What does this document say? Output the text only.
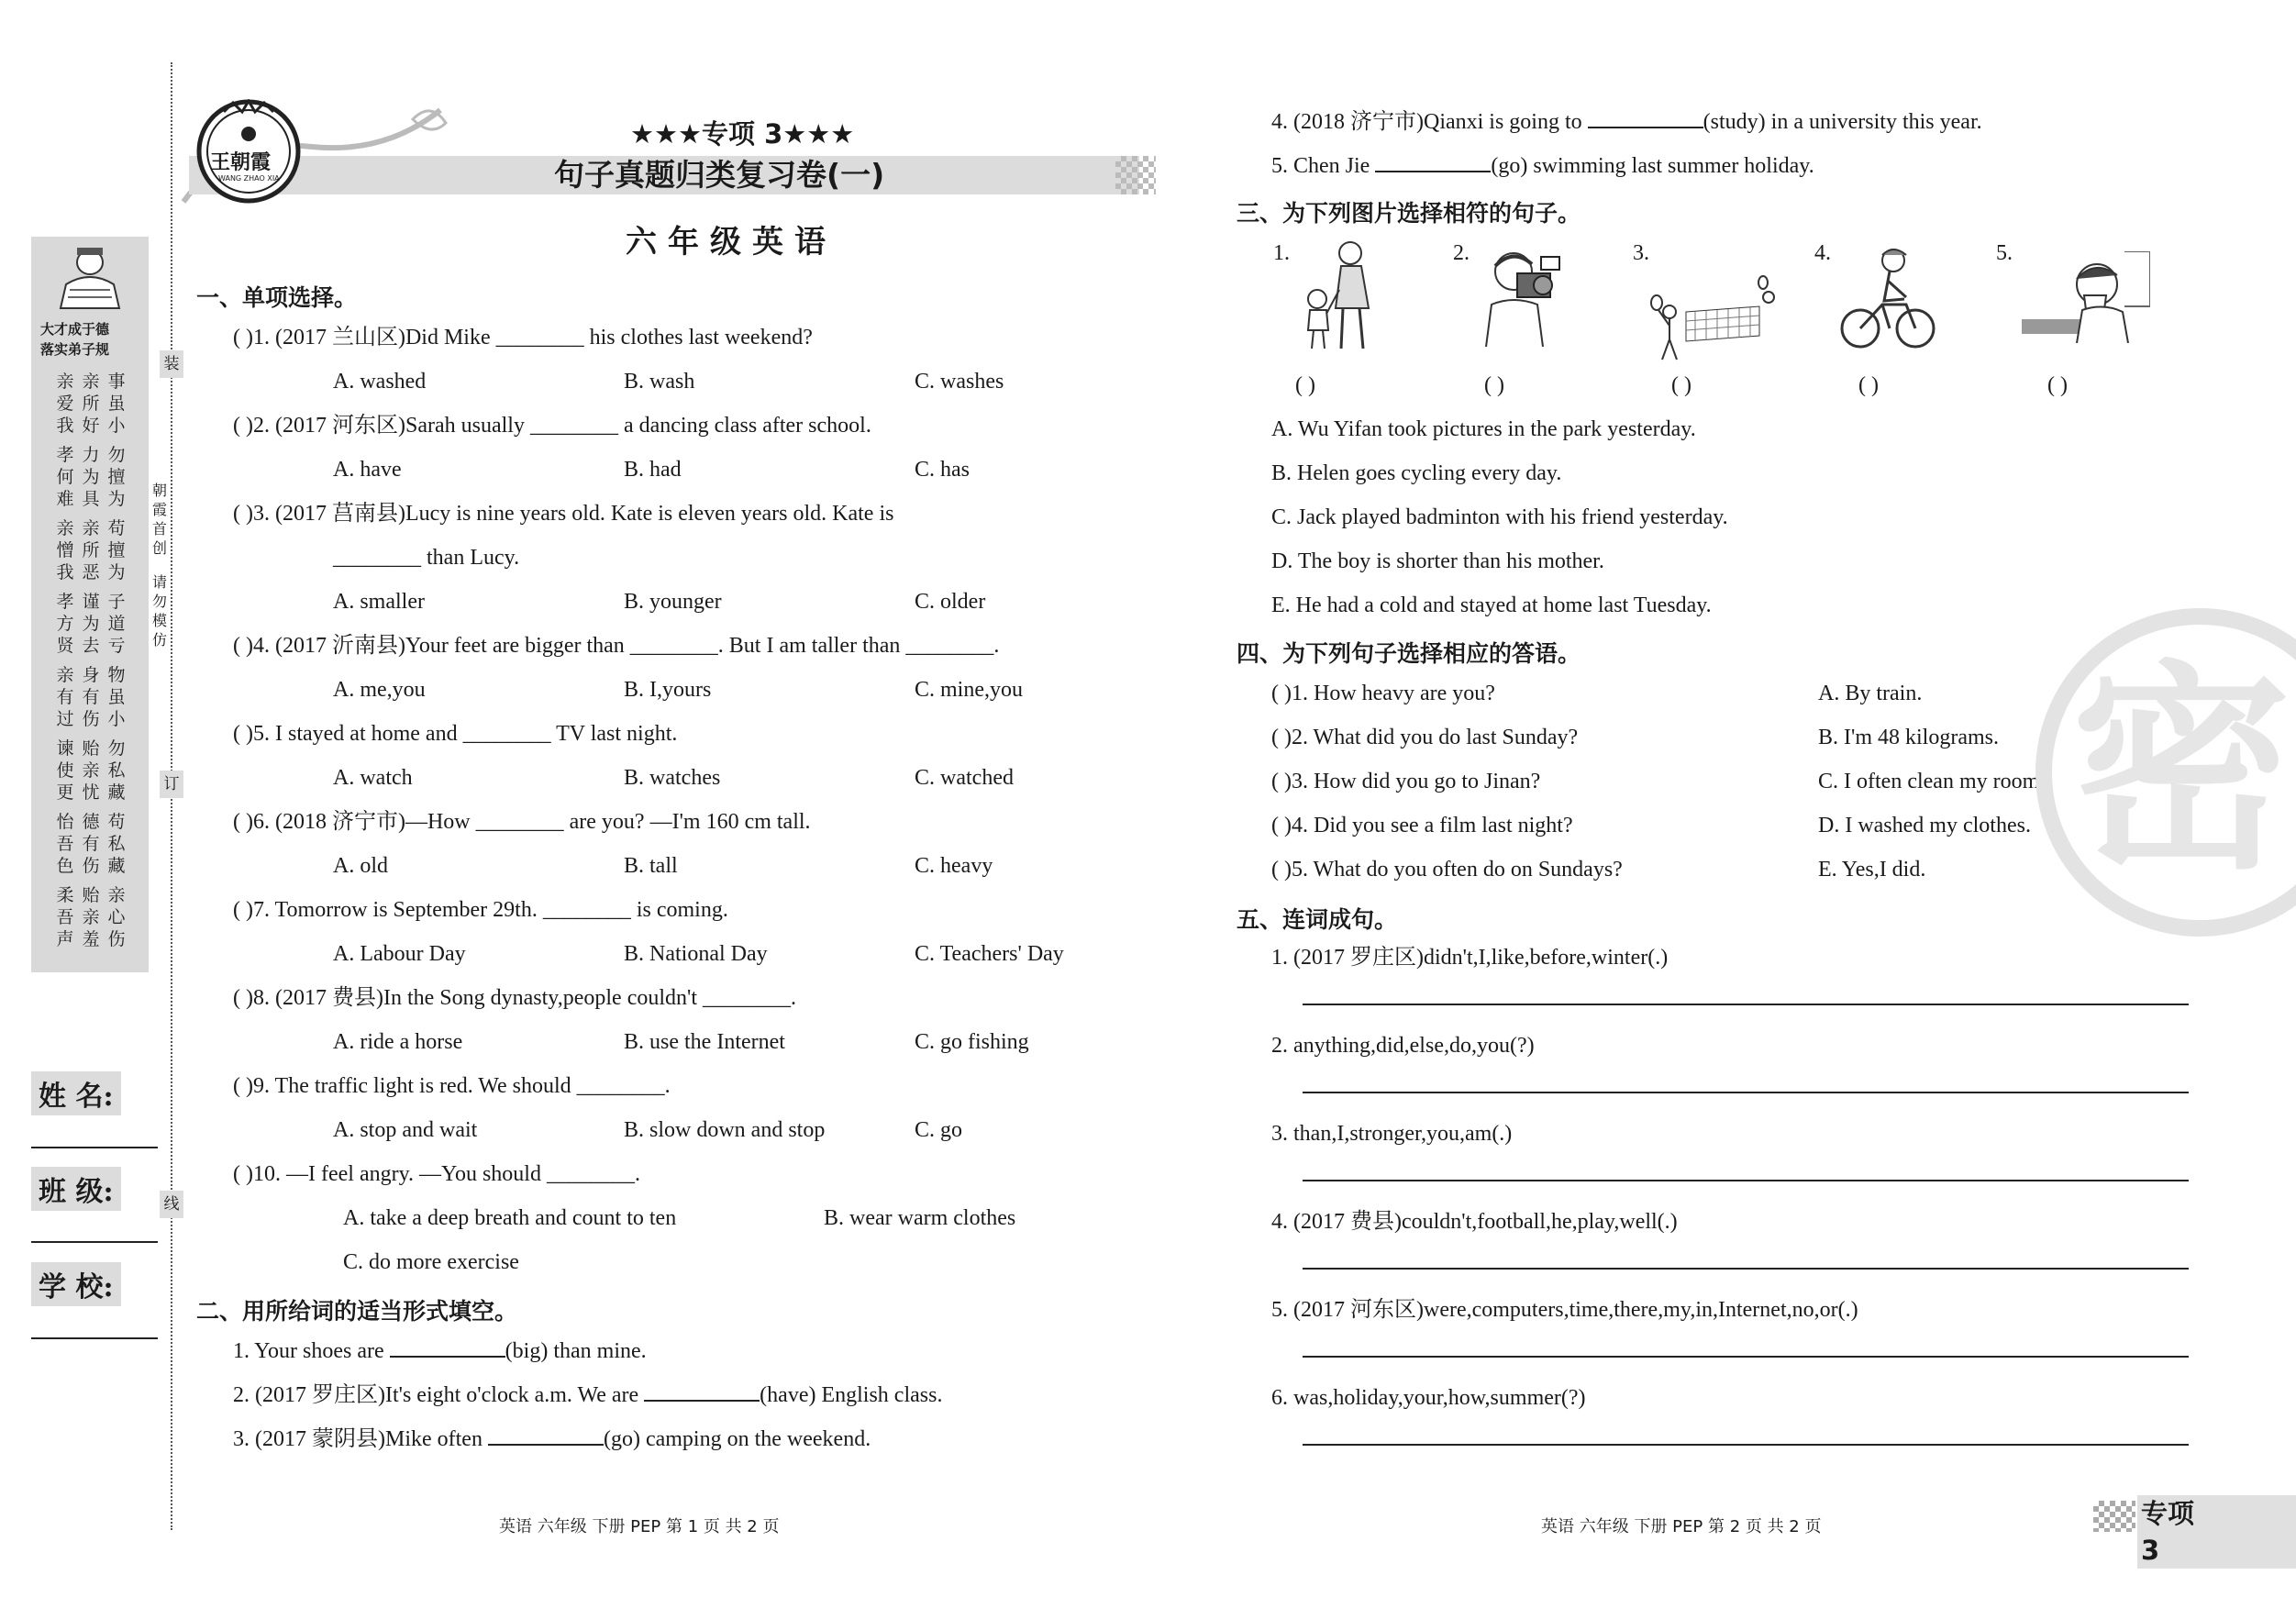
大才成于德
落实弟子规
亲爱我
亲所好
事虽小
孝何难
力为具
勿擅为
亲憎我
亲所恶
苟擅为
孝方贤
谨为去
子道亏
亲有过
身有伤
物虽小
谏使更
贻亲忧
勿私藏
怡吾色
德有伤
苟私藏
柔吾声
贻亲羞
亲心伤
姓 名:
班 级:
学 校:
装
订
线
朝霞首创
请勿模仿
王朝霞
WANG ZHAO XIA
★★★专项 3★★★
句子真题归类复习卷(一)
六年级英语
一、单项选择。
( )1. (2017 兰山区)Did Mike ________ his clothes last weekend?
A. washed	B. wash	C. washes
( )2. (2017 河东区)Sarah usually ________ a dancing class after school.
A. have	B. had	C. has
( )3. (2017 莒南县)Lucy is nine years old. Kate is eleven years old. Kate is
________ than Lucy.
A. smaller	B. younger	C. older
( )4. (2017 沂南县)Your feet are bigger than ________. But I am taller than ________.
A. me,you	B. I,yours	C. mine,you
( )5. I stayed at home and ________ TV last night.
A. watch	B. watches	C. watched
( )6. (2018 济宁市)—How ________ are you? —I'm 160 cm tall.
A. old	B. tall	C. heavy
( )7. Tomorrow is September 29th. ________ is coming.
A. Labour Day	B. National Day	C. Teachers' Day
( )8. (2017 费县)In the Song dynasty,people couldn't ________.
A. ride a horse	B. use the Internet	C. go fishing
( )9. The traffic light is red. We should ________.
A. stop and wait	B. slow down and stop	C. go
( )10. —I feel angry. —You should ________.
A. take a deep breath and count to ten	B. wear warm clothes
C. do more exercise
二、用所给词的适当形式填空。
1. Your shoes are	(big) than mine.
2. (2017 罗庄区)It's eight o'clock a.m. We are	(have) English class.
3. (2017 蒙阴县)Mike often	(go) camping on the weekend.
4. (2018 济宁市)Qianxi is going to	(study) in a university this year.
5. Chen Jie	(go) swimming last summer holiday.
三、为下列图片选择相符的句子。
1.	2.	3.	4.	5.
( )	( )	( )	( )	( )
A. Wu Yifan took pictures in the park yesterday.
B. Helen goes cycling every day.
C. Jack played badminton with his friend yesterday.
D. The boy is shorter than his mother.
E. He had a cold and stayed at home last Tuesday.
四、为下列句子选择相应的答语。
( )1. How heavy are you?	A. By train.
( )2. What did you do last Sunday?	B. I'm 48 kilograms.
( )3. How did you go to Jinan?	C. I often clean my room.
( )4. Did you see a film last night?	D. I washed my clothes.
( )5. What do you often do on Sundays?	E. Yes,I did. 密
五、连词成句。
1. (2017 罗庄区)didn't,I,like,before,winter(.)
2. anything,did,else,do,you(?)
3. than,I,stronger,you,am(.)
4. (2017 费县)couldn't,football,he,play,well(.)
5. (2017 河东区)were,computers,time,there,my,in,Internet,no,or(.)
6. was,holiday,your,how,summer(?)
英语 六年级 下册 PEP 第 1 页 共 2 页	英语 六年级 下册 PEP 第 2 页 共 2 页	专项 3
